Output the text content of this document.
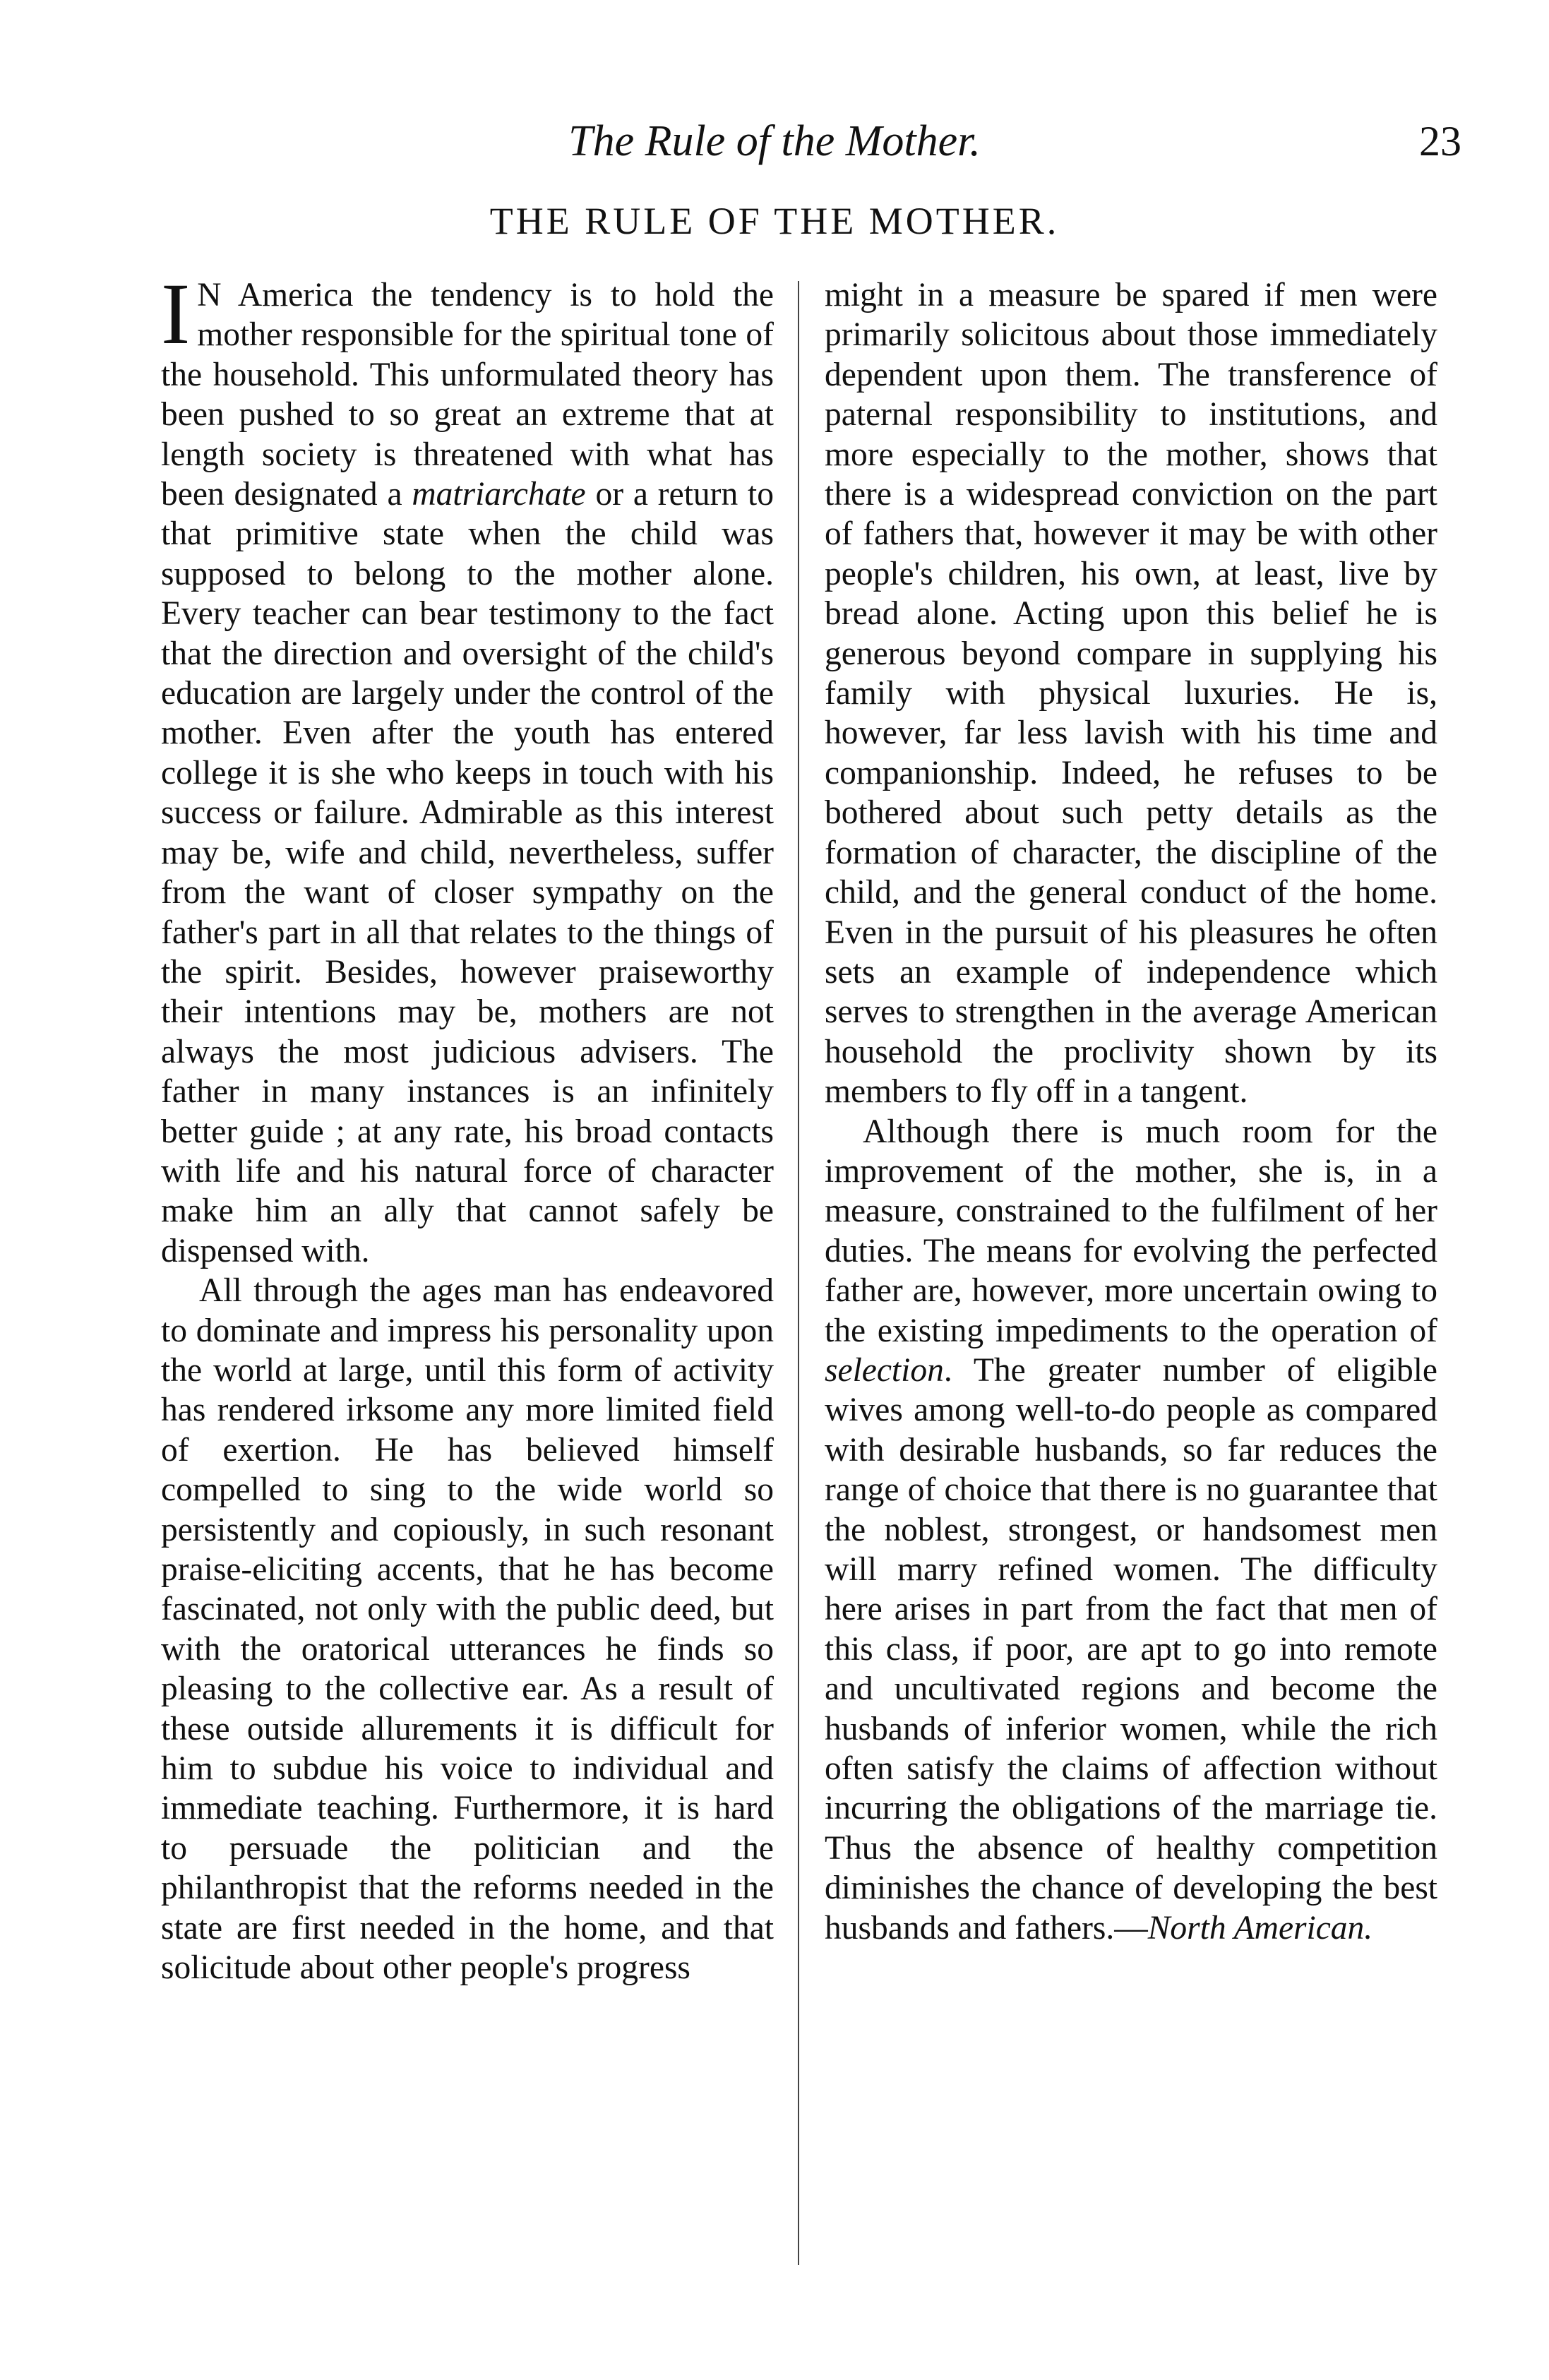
The Rule of the Mother.	23
THE RULE OF THE MOTHER.

I N America the tendency is to hold the mother responsible for the spiritual tone of the household. This unformulated theory has been pushed to so great an extreme that at length society is threatened with what has been designated a matriarchate or a return to that primitive state when the child was supposed to belong to the mother alone. Every teacher can bear testimony to the fact that the direction and oversight of the child's education are largely under the control of the mother. Even after the youth has entered college it is she who keeps in touch with his success or failure. Admirable as this interest may be, wife and child, nevertheless, suffer from the want of closer sympathy on the father's part in all that relates to the things of the spirit. Besides, however praiseworthy their intentions may be, mothers are not always the most judicious advisers. The father in many instances is an infinitely better guide ; at any rate, his broad contacts with life and his natural force of character make him an ally that cannot safely be dispensed with.

All through the ages man has endeavored to dominate and impress his personality upon the world at large, until this form of activity has rendered irksome any more limited field of exertion. He has believed himself compelled to sing to the wide world so persistently and copiously, in such resonant praise-eliciting accents, that he has become fascinated, not only with the public deed, but with the oratorical utterances he finds so pleasing to the collective ear. As a result of these outside allurements it is difficult for him to subdue his voice to individual and immediate teaching. Furthermore, it is hard to persuade the politician and the philanthropist that the reforms needed in the state are first needed in the home, and that solicitude about other people's progress

might in a measure be spared if men were primarily solicitous about those immediately dependent upon them. The transference of paternal responsibility to institutions, and more especially to the mother, shows that there is a widespread conviction on the part of fathers that, however it may be with other people's children, his own, at least, live by bread alone. Acting upon this belief he is generous beyond compare in supplying his family with physical luxuries. He is, however, far less lavish with his time and companionship. Indeed, he refuses to be bothered about such petty details as the formation of character, the discipline of the child, and the general conduct of the home. Even in the pursuit of his pleasures he often sets an example of independence which serves to strengthen in the average American household the proclivity shown by its members to fly off in a tangent.

Although there is much room for the improvement of the mother, she is, in a measure, constrained to the fulfilment of her duties. The means for evolving the perfected father are, however, more uncertain owing to the existing impediments to the operation of selection. The greater number of eligible wives among well-to-do people as compared with desirable husbands, so far reduces the range of choice that there is no guarantee that the noblest, strongest, or handsomest men will marry refined women. The difficulty here arises in part from the fact that men of this class, if poor, are apt to go into remote and uncultivated regions and become the husbands of inferior women, while the rich often satisfy the claims of affection without incurring the obligations of the marriage tie. Thus the absence of healthy competition diminishes the chance of developing the best husbands and fathers.—North American.
